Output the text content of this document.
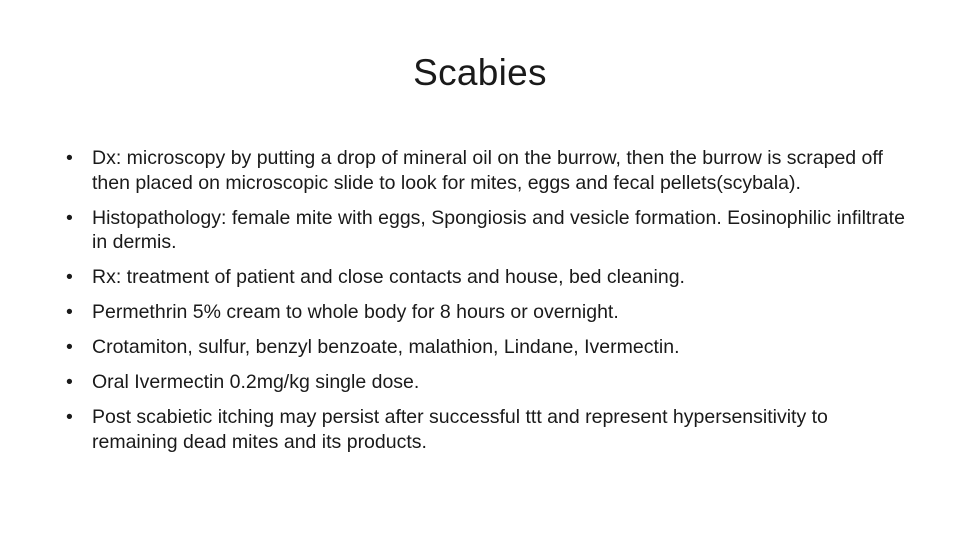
Scabies
• Dx: microscopy by putting a drop of mineral oil on the burrow, then the burrow is scraped off then placed on microscopic slide to look for mites, eggs and fecal pellets(scybala).
• Histopathology: female mite with eggs, Spongiosis and vesicle formation. Eosinophilic infiltrate in dermis.
• Rx: treatment of patient and close contacts and house, bed cleaning.
• Permethrin 5% cream to whole body for 8 hours or overnight.
• Crotamiton, sulfur, benzyl benzoate, malathion, Lindane, Ivermectin.
• Oral Ivermectin 0.2mg/kg single dose.
• Post scabietic itching may persist after successful ttt and represent hypersensitivity to remaining dead mites and its products.
